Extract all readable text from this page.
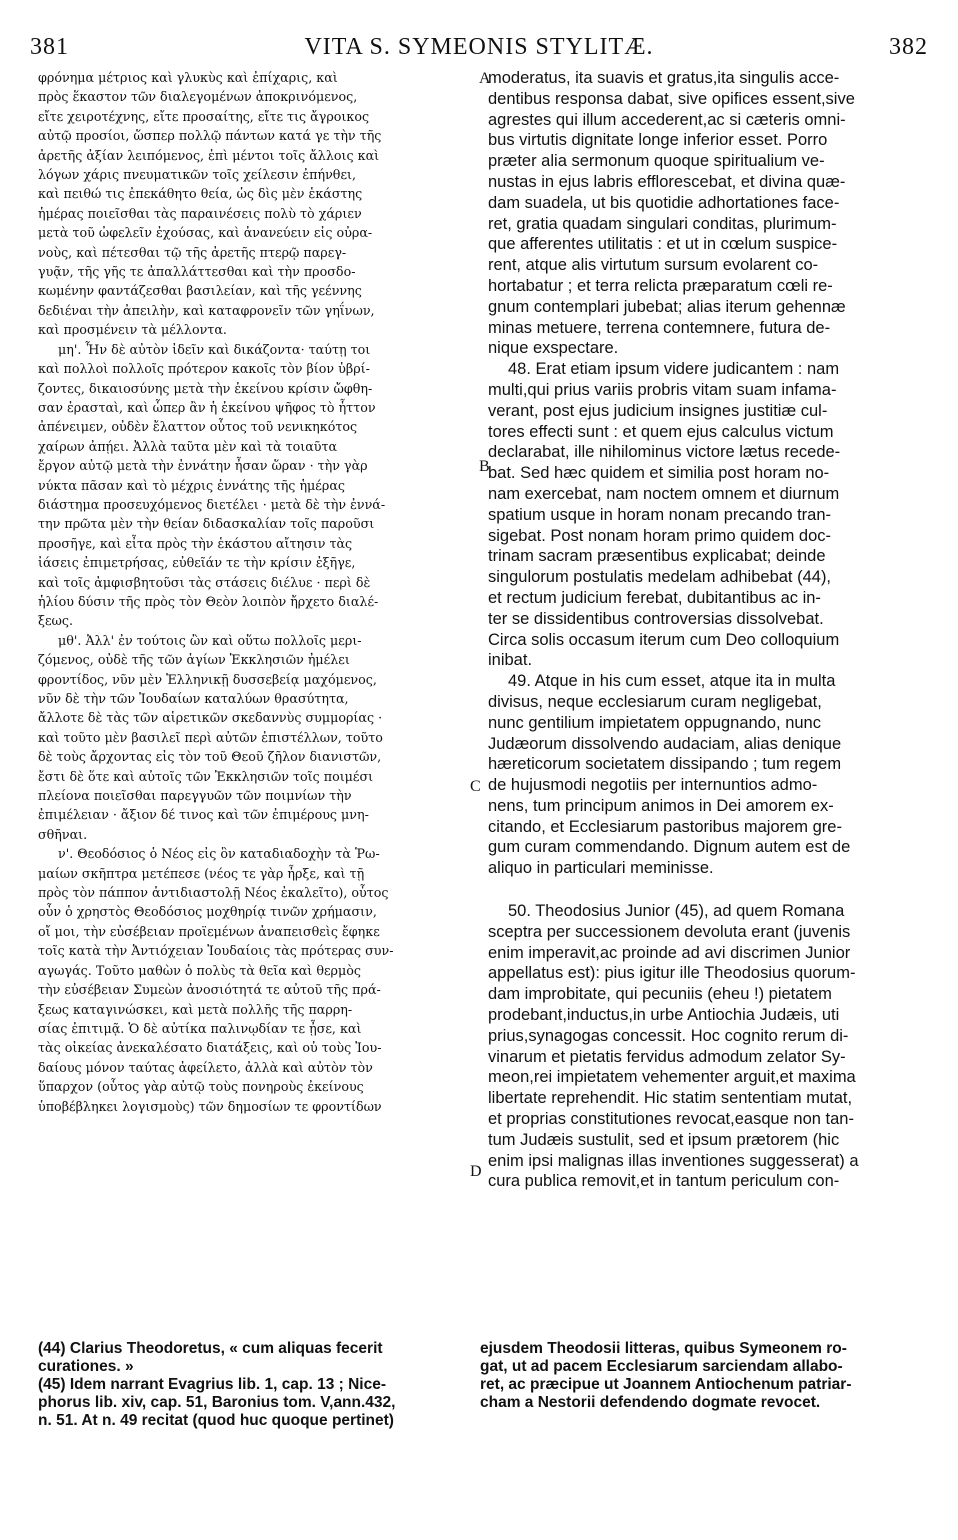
381	VITA S. SYMEONIS STYLITÆ.	382
φρόνημα μέτριος καὶ γλυκὺς καὶ ἐπίχαρις, καὶ
πρὸς ἕκαστον τῶν διαλεγομένων ἀποκρινόμενος,
εἴτε χειροτέχνης, εἴτε προσαίτης, εἴτε τις ἄγροικος
αὐτῷ προσίοι, ὥσπερ πολλῷ πάντων κατά γε τὴν τῆς
ἀρετῆς ἀξίαν λειπόμενος, ἐπὶ μέντοι τοῖς ἄλλοις καὶ
λόγων χάρις πνευματικῶν τοῖς χείλεσιν ἐπήνθει,
καὶ πειθώ τις ἐπεκάθητο θεία, ὡς δὶς μὲν ἑκάστης
ἡμέρας ποιεῖσθαι τὰς παραινέσεις πολὺ τὸ χάριεν
μετὰ τοῦ ὠφελεῖν ἐχούσας, καὶ ἀνανεύειν εἰς οὐρα-
νοὺς, καὶ πέτεσθαι τῷ τῆς ἀρετῆς πτερῷ παρεγ-
γυᾷν, τῆς γῆς τε ἀπαλλάττεσθαι καὶ τὴν προσδο-
κωμένην φαντάζεσθαι βασιλείαν, καὶ τῆς γεέννης
δεδιέναι τὴν ἀπειλὴν, καὶ καταφρονεῖν τῶν γηΐνων,
καὶ προσμένειν τὰ μέλλοντα.
μη'. Ἦν δὲ αὐτὸν ἰδεῖν καὶ δικάζοντα· ταύτῃ τοι
καὶ πολλοὶ πολλοῖς πρότερον κακοῖς τὸν βίον ὑβρί-
ζοντες, δικαιοσύνης μετὰ τὴν ἐκείνου κρίσιν ὤφθη-
σαν ἐρασταὶ, καὶ ὧπερ ἂν ἡ ἐκείνου ψῆφος τὸ ἧττον
ἀπένειμεν, οὐδὲν ἔλαττον οὗτος τοῦ νενικηκότος
χαίρων ἀπῄει. Ἀλλὰ ταῦτα μὲν καὶ τὰ τοιαῦτα
ἔργον αὐτῷ μετὰ τὴν ἐννάτην ἦσαν ὥραν · τὴν γὰρ
νύκτα πᾶσαν καὶ τὸ μέχρις ἐννάτης τῆς ἡμέρας
διάστημα προσευχόμενος διετέλει · μετὰ δὲ τὴν ἐννά-
την πρῶτα μὲν τὴν θείαν διδασκαλίαν τοῖς παροῦσι
προσῆγε, καὶ εἶτα πρὸς τὴν ἑκάστου αἴτησιν τὰς
ἰάσεις ἐπιμετρήσας, εὐθεῖάν τε τὴν κρίσιν ἐξῆγε,
καὶ τοῖς ἀμφισβητοῦσι τὰς στάσεις διέλυε · περὶ δὲ
ἡλίου δύσιν τῆς πρὸς τὸν Θεὸν λοιπὸν ἤρχετο διαλέ-
ξεως.
μθ'. Ἀλλ' ἐν τούτοις ὢν καὶ οὕτω πολλοῖς μερι-
ζόμενος, οὐδὲ τῆς τῶν ἁγίων Ἐκκλησιῶν ἠμέλει
φροντίδος, νῦν μὲν Ἑλληνικῇ δυσσεβείᾳ μαχόμενος,
νῦν δὲ τὴν τῶν Ἰουδαίων καταλύων θρασύτητα,
ἄλλοτε δὲ τὰς τῶν αἱρετικῶν σκεδαννὺς συμμορίας ·
καὶ τοῦτο μὲν βασιλεῖ περὶ αὐτῶν ἐπιστέλλων, τοῦτο
δὲ τοὺς ἄρχοντας εἰς τὸν τοῦ Θεοῦ ζῆλον διανιστῶν,
ἔστι δὲ ὅτε καὶ αὐτοῖς τῶν Ἐκκλησιῶν τοῖς ποιμέσι
πλείονα ποιεῖσθαι παρεγγυῶν τῶν ποιμνίων τὴν
ἐπιμέλειαν · ἄξιον δέ τινος καὶ τῶν ἐπιμέρους μνη-
σθῆναι.
ν'. Θεοδόσιος ὁ Νέος εἰς ὃν καταδιαδοχὴν τὰ Ῥω-
μαίων σκῆπτρα μετέπεσε (νέος τε γὰρ ἦρξε, καὶ τῇ
πρὸς τὸν πάππον ἀντιδιαστολῇ Νέος ἐκαλεῖτο), οὗτος
οὖν ὁ χρηστὸς Θεοδόσιος μοχθηρίᾳ τινῶν χρήμασιν,
οἴ μοι, τὴν εὐσέβειαν προϊεμένων ἀναπεισθεὶς ἔφηκε
τοῖς κατὰ τὴν Ἀντιόχειαν Ἰουδαίοις τὰς πρότερας συν-
αγωγάς. Τοῦτο μαθὼν ὁ πολὺς τὰ θεῖα καὶ θερμὸς
τὴν εὐσέβειαν Συμεὼν ἀνοσιότητά τε αὐτοῦ τῆς πρά-
ξεως καταγινώσκει, καὶ μετὰ πολλῆς τῆς παρρη-
σίας ἐπιτιμᾷ. Ὁ δὲ αὐτίκα παλινῳδίαν τε ᾖσε, καὶ
τὰς οἰκείας ἀνεκαλέσατο διατάξεις, καὶ οὐ τοὺς Ἰου-
δαίους μόνον ταύτας ἀφείλετο, ἀλλὰ καὶ αὐτὸν τὸν
ὕπαρχον (οὗτος γὰρ αὐτῷ τοὺς πονηροὺς ἐκείνους
ὑποβέβληκει λογισμοὺς) τῶν δημοσίων τε φροντίδων
moderatus, ita suavis et gratus,ita singulis acce-
dentibus responsa dabat, sive opifices essent,sive
agrestes qui illum accederent,ac si cæteris omni-
bus virtutis dignitate longe inferior esset. Porro
præter alia sermonum quoque spiritualium ve-
nustas in ejus labris efflorescebat, et divina quæ-
dam suadela, ut bis quotidie adhortationes face-
ret, gratia quadam singulari conditas, plurimum-
que afferentes utilitatis : et ut in cœlum suspice-
rent, atque alis virtutum sursum evolarent co-
hortabatur ; et terra relicta præparatum cœli re-
gnum contemplari jubebat; alias iterum gehennæ
minas metuere, terrena contemnere, futura de-
nique exspectare.
48. Erat etiam ipsum videre judicantem : nam
multi,qui prius variis probris vitam suam infama-
verant, post ejus judicium insignes justitiæ cul-
tores effecti sunt : et quem ejus calculus victum
declarabat, ille nihilominus victore lætus recede-
bat. Sed hæc quidem et similia post horam no-
nam exercebat, nam noctem omnem et diurnum
spatium usque in horam nonam precando tran-
sigebat. Post nonam horam primo quidem doc-
trinam sacram præsentibus explicabat; deinde
singulorum postulatis medelam adhibebat (44),
et rectum judicium ferebat, dubitantibus ac in-
ter se dissidentibus controversias dissolvebat.
Circa solis occasum iterum cum Deo colloquium
inibat.
49. Atque in his cum esset, atque ita in multa
divisus, neque ecclesiarum curam negligebat,
nunc gentilium impietatem oppugnando, nunc
Judæorum dissolvendo audaciam, alias denique
hæreticorum societatem dissipando ; tum regem
de hujusmodi negotiis per internuntios admo-
nens, tum principum animos in Dei amorem ex-
citando, et Ecclesiarum pastoribus majorem gre-
gum curam commendando. Dignum autem est de
aliquo in particulari meminisse.
50. Theodosius Junior (45), ad quem Romana
sceptra per successionem devoluta erant (juvenis
enim imperavit,ac proinde ad avi discrimen Junior
appellatus est): pius igitur ille Theodosius quorum-
dam improbitate, qui pecuniis (eheu !) pietatem
prodebant,inductus,in urbe Antiochia Judæis, uti
prius,synagogas concessit. Hoc cognito rerum di-
vinarum et pietatis fervidus admodum zelator Sy-
meon,rei impietatem vehementer arguit,et maxima
libertate reprehendit. Hic statim sententiam mutat,
et proprias constitutiones revocat,easque non tan-
tum Judæis sustulit, sed et ipsum prætorem (hic
enim ipsi malignas illas inventiones suggesserat) a
cura publica removit,et in tantum periculum con-
A
B
C
D
(44) Clarius Theodoretus, « cum aliquas fecerit
curationes. »
(45) Idem narrant Evagrius lib. 1, cap. 13 ; Nice-
phorus lib. xiv, cap. 51, Baronius tom. V,ann.432,
n. 51. At n. 49 recitat (quod huc quoque pertinet)
ejusdem Theodosii litteras, quibus Symeonem ro-
gat, ut ad pacem Ecclesiarum sarciendam allabo-
ret, ac præcipue ut Joannem Antiochenum patriar-
cham a Nestorii defendendo dogmate revocet.
